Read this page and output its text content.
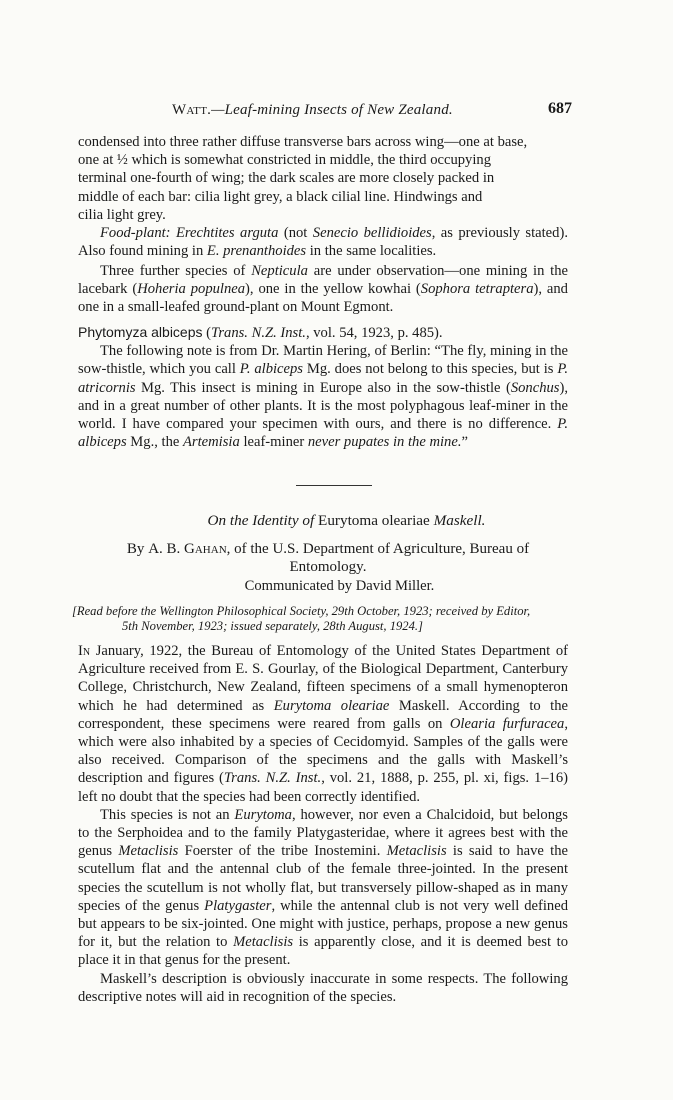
Watt.—Leaf-mining Insects of New Zealand.	687

condensed into three rather diffuse transverse bars across wing—one at base,

one at ½ which is somewhat constricted in middle, the third occupying

terminal one-fourth of wing; the dark scales are more closely packed in

middle of each bar: cilia light grey, a black cilial line. Hindwings and

cilia light grey.

Food-plant: Erechtites arguta (not Senecio bellidioides, as previously stated). Also found mining in E. prenanthoides in the same localities.

Three further species of Nepticula are under observation—one mining in the lacebark (Hoheria populnea), one in the yellow kowhai (Sophora tetraptera), and one in a small-leafed ground-plant on Mount Egmont.

Phytomyza albiceps (Trans. N.Z. Inst., vol. 54, 1923, p. 485).

The following note is from Dr. Martin Hering, of Berlin: “The fly, mining in the sow-thistle, which you call P. albiceps Mg. does not belong to this species, but is P. atricornis Mg. This insect is mining in Europe also in the sow-thistle (Sonchus), and in a great number of other plants. It is the most polyphagous leaf-miner in the world. I have compared your specimen with ours, and there is no difference. P. albiceps Mg., the Artemisia leaf-miner never pupates in the mine.”

On the Identity of Eurytoma oleariae Maskell.
By A. B. Gahan, of the U.S. Department of Agriculture, Bureau of Entomology.
Communicated by David Miller.
[Read before the Wellington Philosophical Society, 29th October, 1923; received by Editor,
5th November, 1923; issued separately, 28th August, 1924.]

In January, 1922, the Bureau of Entomology of the United States Department of Agriculture received from E. S. Gourlay, of the Biological Department, Canterbury College, Christchurch, New Zealand, fifteen specimens of a small hymenopteron which he had determined as Eurytoma oleariae Maskell. According to the correspondent, these specimens were reared from galls on Olearia furfuracea, which were also inhabited by a species of Cecidomyid. Samples of the galls were also received. Comparison of the specimens and the galls with Maskell’s description and figures (Trans. N.Z. Inst., vol. 21, 1888, p. 255, pl. xi, figs. 1–16) left no doubt that the species had been correctly identified.

This species is not an Eurytoma, however, nor even a Chalcidoid, but belongs to the Serphoidea and to the family Platygasteridae, where it agrees best with the genus Metaclisis Foerster of the tribe Inostemini. Metaclisis is said to have the scutellum flat and the antennal club of the female three-jointed. In the present species the scutellum is not wholly flat, but transversely pillow-shaped as in many species of the genus Platygaster, while the antennal club is not very well defined but appears to be six-jointed. One might with justice, perhaps, propose a new genus for it, but the relation to Metaclisis is apparently close, and it is deemed best to place it in that genus for the present.

Maskell’s description is obviously inaccurate in some respects. The following descriptive notes will aid in recognition of the species.
